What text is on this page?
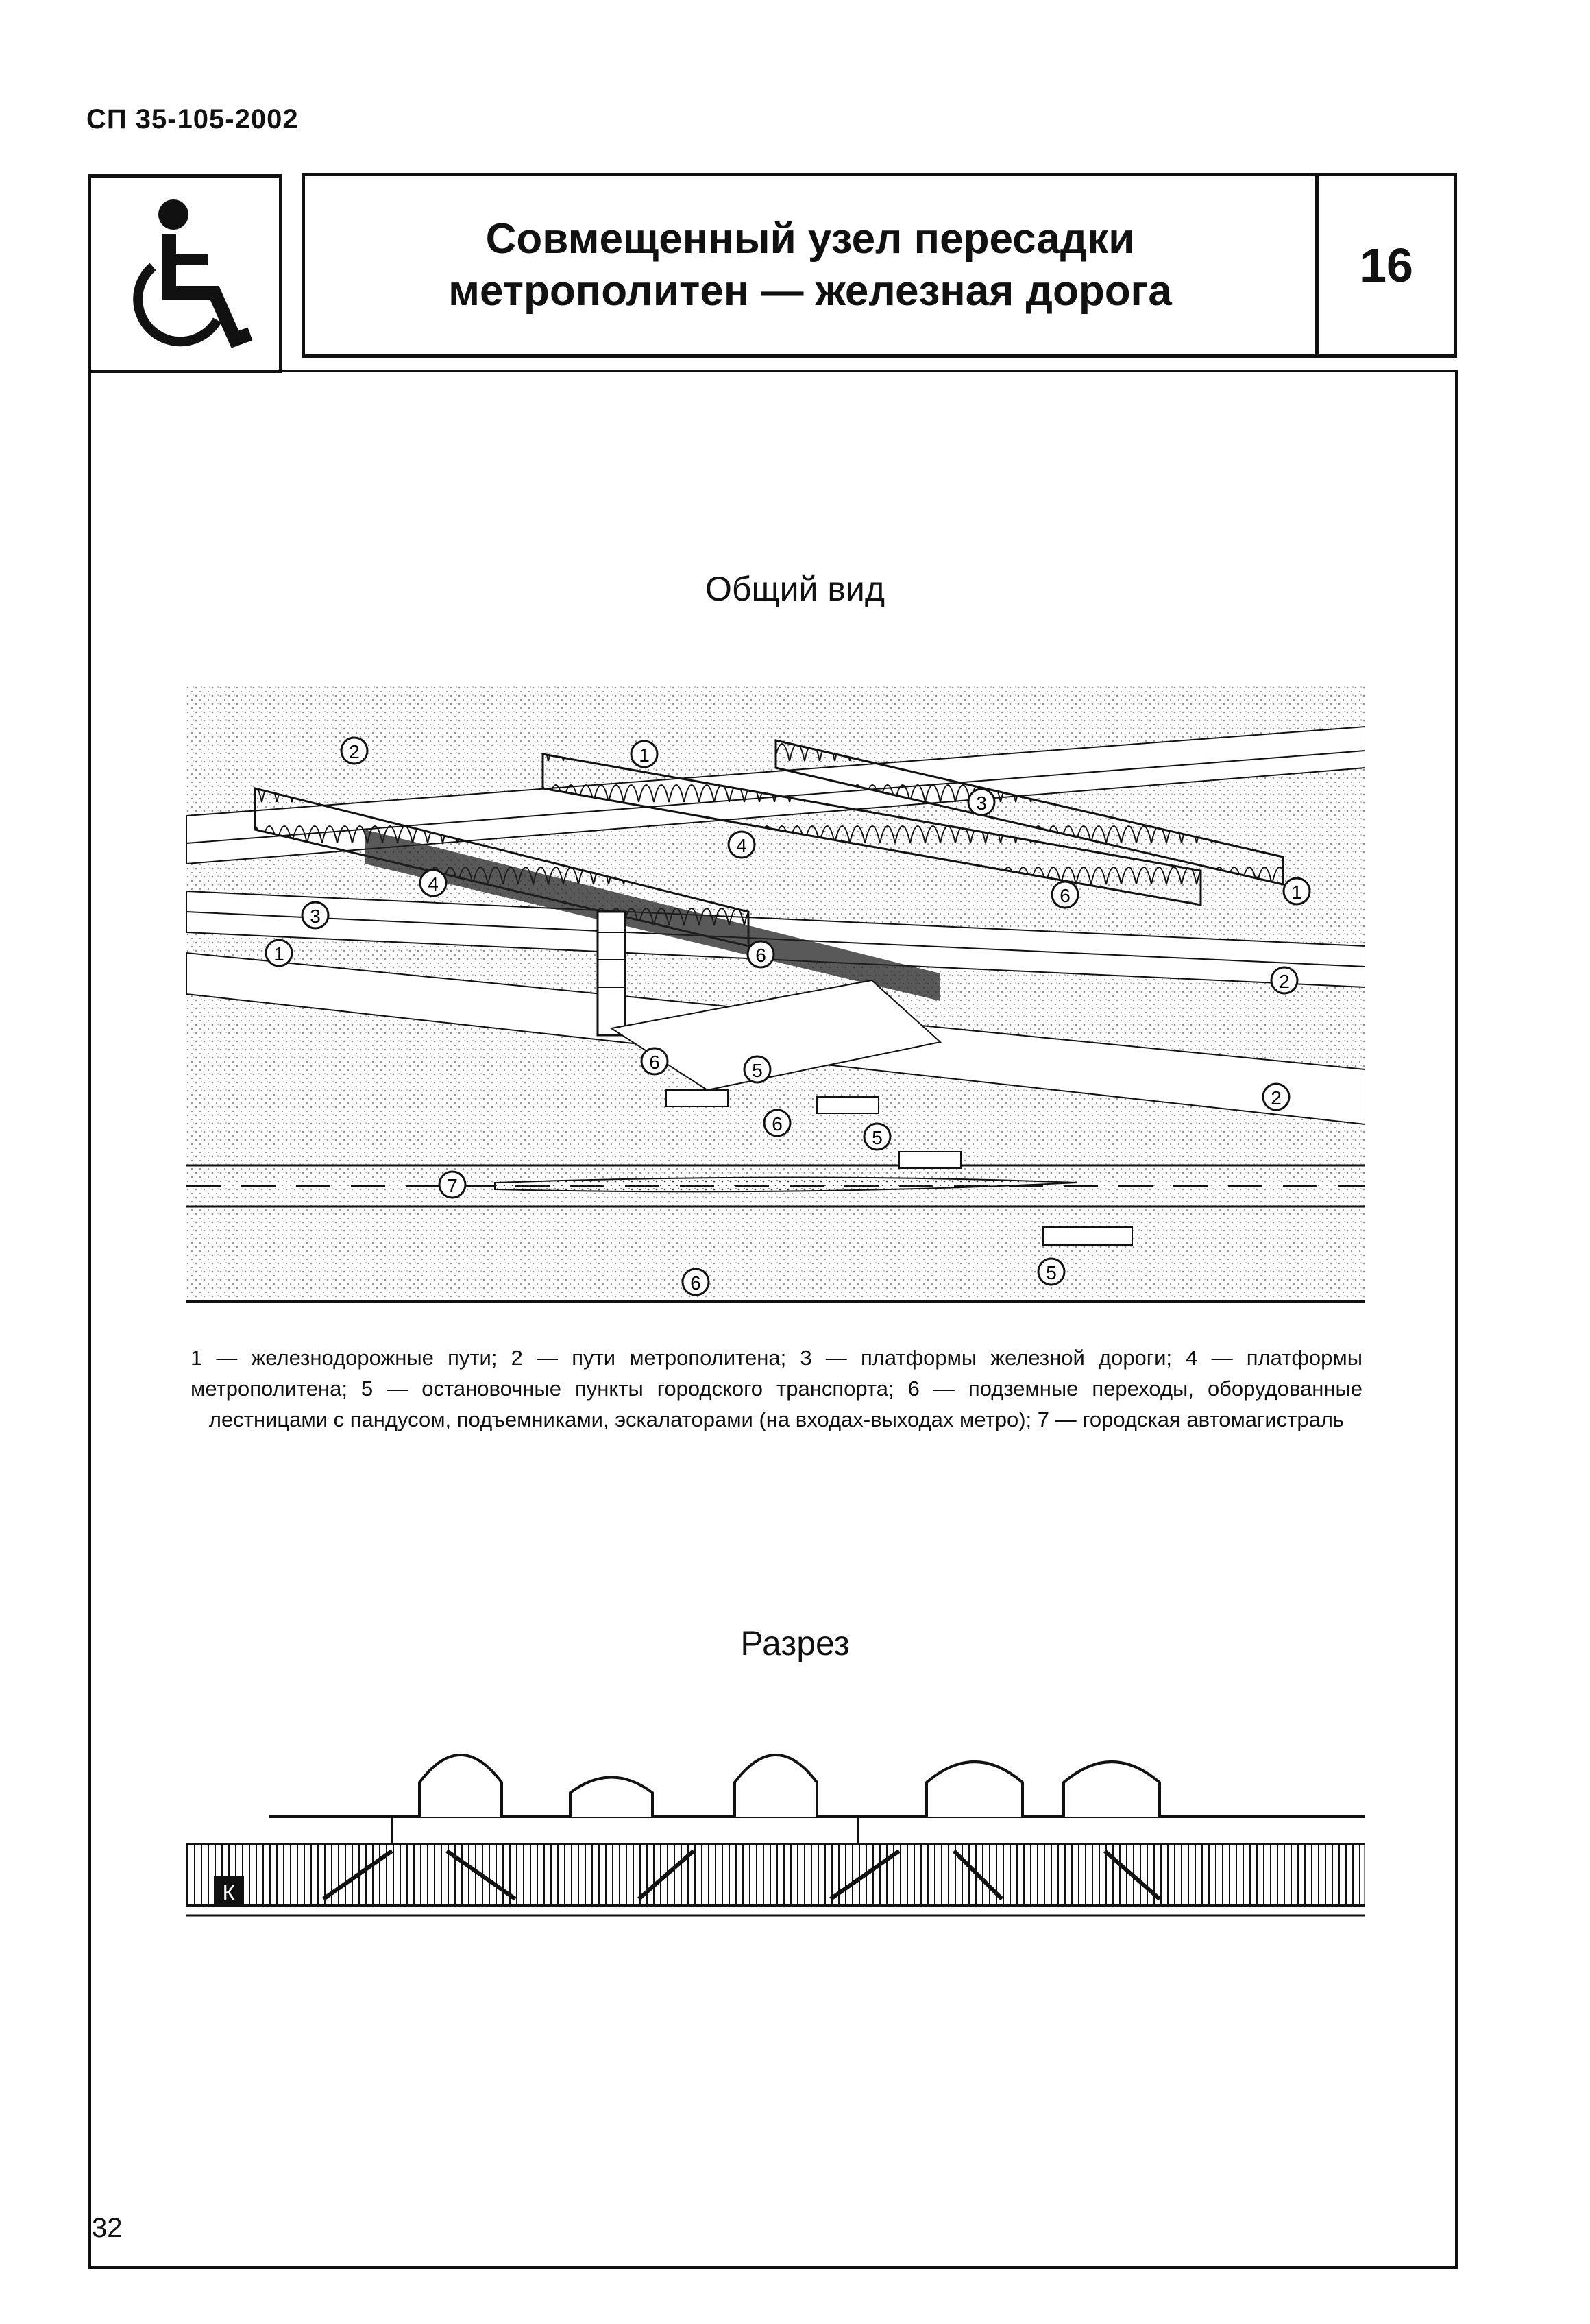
СП 35-105-2002
Совмещенный узел пересадки
метрополитен — железная дорога	16
Общий вид
2	1
3
4
4
3
1
6	1
6
2
6	5
2
6
5
7
5
6
1 — железнодорожные пути; 2 — пути метрополитена; 3 — платформы железной дороги; 4 — платформы метрополитена; 5 — остановочные пункты городского транспорта; 6 — подземные переходы, оборудованные лестницами с пандусом, подъемниками, эскалаторами (на входах-выходах метро); 7 — городская автомагистраль
Разрез
К
32
